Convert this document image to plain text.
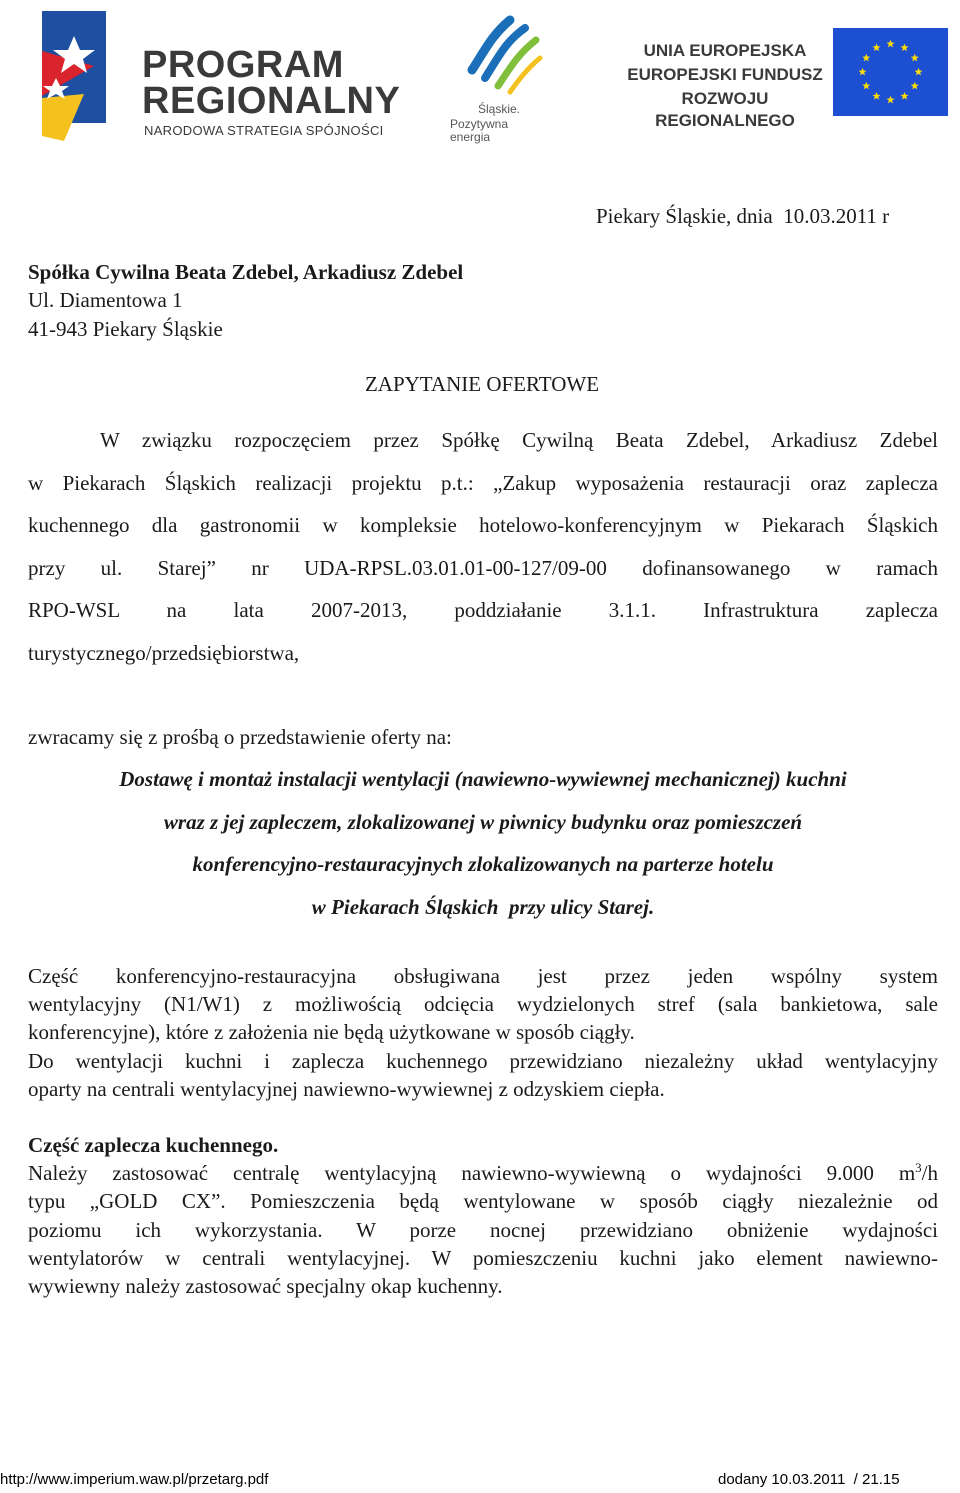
PROGRAM
REGIONALNY
NARODOWA STRATEGIA SPÓJNOŚCI
Śląskie.
Pozytywna energia
UNIA EUROPEJSKA
EUROPEJSKI FUNDUSZ
ROZWOJU REGIONALNEGO
Piekary Śląskie, dnia  10.03.2011 r
Spółka Cywilna Beata Zdebel, Arkadiusz Zdebel
Ul. Diamentowa 1
41-943 Piekary Śląskie
ZAPYTANIE OFERTOWE
W związku rozpoczęciem przez Spółkę Cywilną Beata Zdebel, Arkadiusz Zdebel
w Piekarach Śląskich realizacji projektu p.t.: „Zakup wyposażenia restauracji oraz zaplecza
kuchennego dla gastronomii w kompleksie hotelowo-konferencyjnym w Piekarach Śląskich
przy ul. Starej” nr UDA-RPSL.03.01.01-00-127/09-00 dofinansowanego w ramach
RPO-WSL na lata 2007-2013, poddziałanie 3.1.1. Infrastruktura zaplecza
turystycznego/przedsiębiorstwa,
zwracamy się z prośbą o przedstawienie oferty na:
Dostawę i montaż instalacji wentylacji (nawiewno-wywiewnej mechanicznej) kuchni
wraz z jej zapleczem, zlokalizowanej w piwnicy budynku oraz pomieszczeń
konferencyjno-restauracyjnych zlokalizowanych na parterze hotelu
w Piekarach Śląskich  przy ulicy Starej.
Część konferencyjno-restauracyjna obsługiwana jest przez jeden wspólny system
wentylacyjny (N1/W1) z możliwością odcięcia wydzielonych stref (sala bankietowa, sale
konferencyjne), które z założenia nie będą użytkowane w sposób ciągły.
Do wentylacji kuchni i zaplecza kuchennego przewidziano niezależny układ wentylacyjny
oparty na centrali wentylacyjnej nawiewno-wywiewnej z odzyskiem ciepła.
Część zaplecza kuchennego.
Należy zastosować centralę wentylacyjną nawiewno-wywiewną o wydajności 9.000 $m^3/h$
typu „GOLD CX”. Pomieszczenia będą wentylowane w sposób ciągły niezależnie od
poziomu ich wykorzystania. W porze nocnej przewidziano obniżenie wydajności
wentylatorów w centrali wentylacyjnej. W pomieszczeniu kuchni jako element nawiewno-
wywiewny należy zastosować specjalny okap kuchenny.
http://www.imperium.waw.pl/przetarg.pdf	dodany 10.03.2011  / 21.15
